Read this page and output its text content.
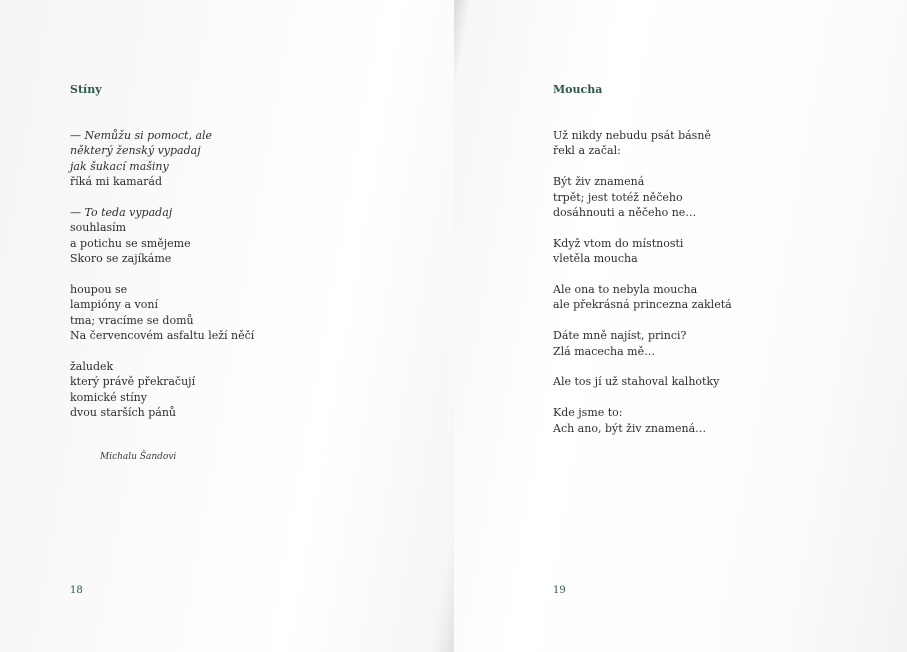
Stíny
— Nemůžu si pomoct, ale
některý ženský vypadaj
jak šukací mašiny
říká mi kamarád
— To teda vypadaj
souhlasím
a potichu se smějeme
Skoro se zajíkáme
houpou se
lampióny a voní
tma; vracíme se domů
Na červencovém asfaltu leží něčí
žaludek
který právě překračují
komické stíny
dvou starších pánů
Michalu Šandovi
18
Moucha
Už nikdy nebudu psát básně
řekl a začal:
Být živ znamená
trpět; jest totéž něčeho
dosáhnouti a něčeho ne…
Když vtom do místnosti
vletěla moucha
Ale ona to nebyla moucha
ale překrásná princezna zakletá
Dáte mně najíst, princi?
Zlá macecha mě…
Ale tos jí už stahoval kalhotky
Kde jsme to:
Ach ano, být živ znamená…
19
